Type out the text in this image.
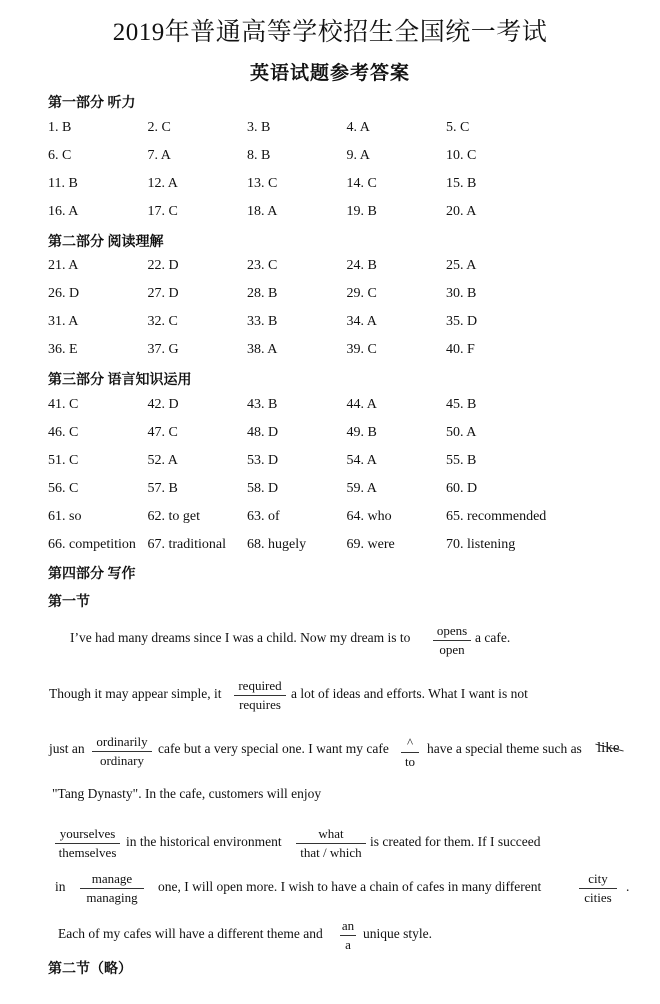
2019年普通高等学校招生全国统一考试
英语试题参考答案
第一部分 听力
1. B	2. C	3. B	4. A	5. C
6. C	7. A	8. B	9. A	10. C
11. B	12. A	13. C	14. C	15. B
16. A	17. C	18. A	19. B	20. A
第二部分 阅读理解
21. A	22. D	23. C	24. B	25. A
26. D	27. D	28. B	29. C	30. B
31. A	32. C	33. B	34. A	35. D
36. E	37. G	38. A	39. C	40. F
第三部分 语言知识运用
41. C	42. D	43. B	44. A	45. B
46. C	47. C	48. D	49. B	50. A
51. C	52. A	53. D	54. A	55. B
56. C	57. B	58. D	59. A	60. D
61. so	62. to get	63. of	64. who	65. recommended
66. competition 67. traditional	68. hugely	69. were	70. listening
第四部分 写作
第一节
I’ve had many dreams since I was a child. Now my dream is to opens
open
a cafe.
Though it may appear simple, it
required
requires
a lot of ideas and efforts. What I want is not
just an ordinarily
ordinary
cafe but a very special one. I want my cafe	^
to
have a special theme such as like
"Tang Dynasty". In the cafe, customers will enjoy
yourselves
themselves
in the historical environment
what
that / which
is created for them. If I succeed
in
manage
managing
one, I will open more. I wish to have a chain of cafes in many different
city
cities
.
Each of my cafes will have a different theme and $\frac{an}{a}$ unique style.
第二节（略）
